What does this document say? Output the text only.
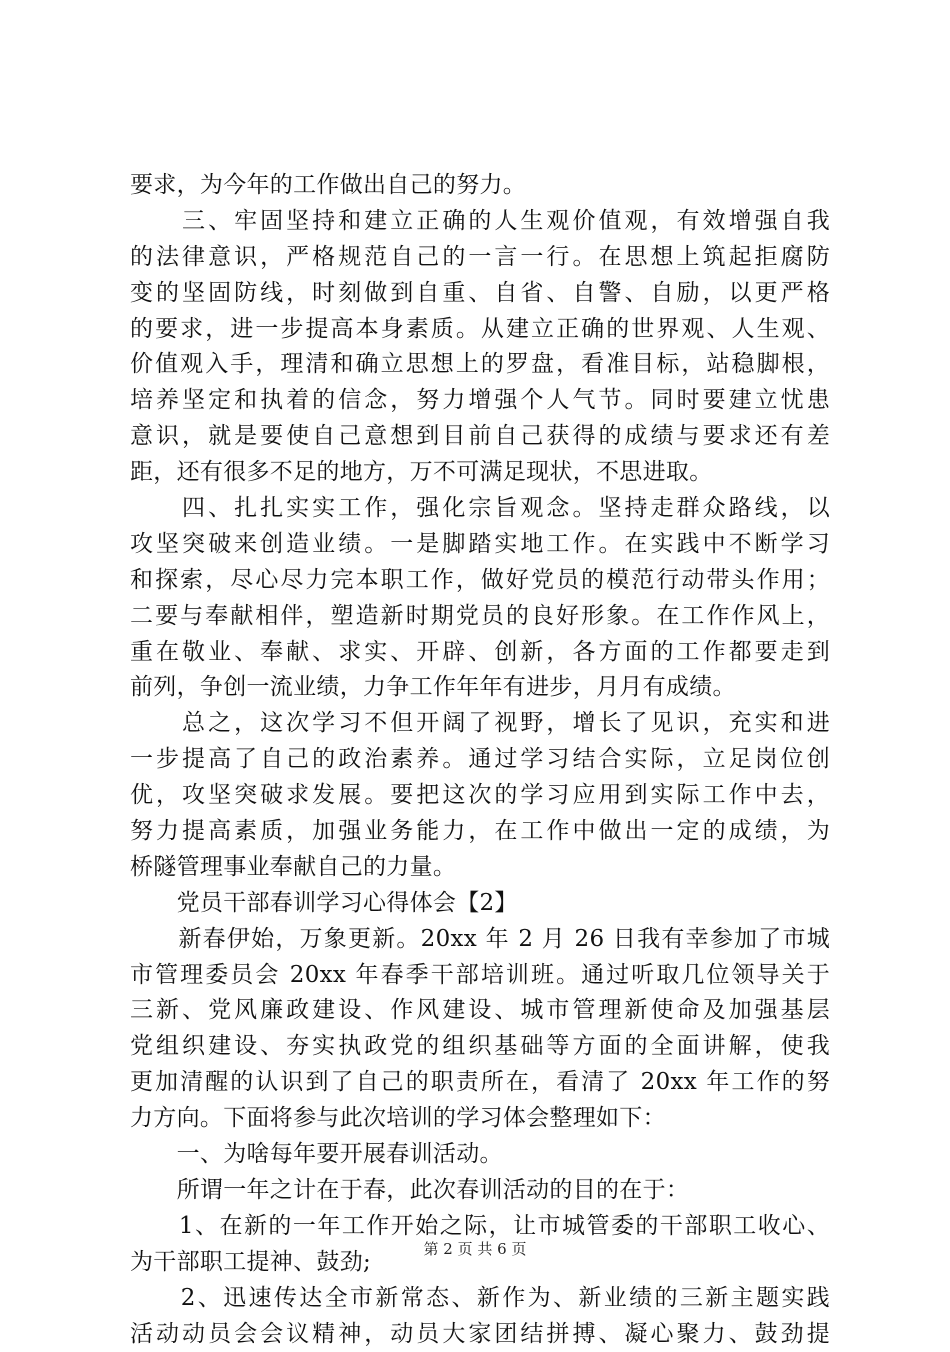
要求，为今年的工作做出自己的努力。
　　三、牢固坚持和建立正确的人生观价值观，有效增强自我
的法律意识，严格规范自己的一言一行。在思想上筑起拒腐防
变的坚固防线，时刻做到自重、自省、自警、自励，以更严格
的要求，进一步提高本身素质。从建立正确的世界观、人生观、
价值观入手，理清和确立思想上的罗盘，看准目标，站稳脚根，
培养坚定和执着的信念，努力增强个人气节。同时要建立忧患
意识，就是要使自己意想到目前自己获得的成绩与要求还有差
距，还有很多不足的地方，万不可满足现状，不思进取。
　　四、扎扎实实工作，强化宗旨观念。坚持走群众路线，以
攻坚突破来创造业绩。一是脚踏实地工作。在实践中不断学习
和探索，尽心尽力完本职工作，做好党员的模范行动带头作用；
二要与奉献相伴，塑造新时期党员的良好形象。在工作作风上，
重在敬业、奉献、求实、开辟、创新，各方面的工作都要走到
前列，争创一流业绩，力争工作年年有进步，月月有成绩。
　　总之，这次学习不但开阔了视野，增长了见识，充实和进
一步提高了自己的政治素养。通过学习结合实际，立足岗位创
优，攻坚突破求发展。要把这次的学习应用到实际工作中去，
努力提高素质，加强业务能力，在工作中做出一定的成绩，为
桥隧管理事业奉献自己的力量。
　　党员干部春训学习心得体会【2】
　　新春伊始，万象更新。20xx 年 2 月 26 日我有幸参加了市城
市管理委员会 20xx 年春季干部培训班。通过听取几位领导关于
三新、党风廉政建设、作风建设、城市管理新使命及加强基层
党组织建设、夯实执政党的组织基础等方面的全面讲解，使我
更加清醒的认识到了自己的职责所在，看清了 20xx 年工作的努
力方向。下面将参与此次培训的学习体会整理如下：
　　一、为啥每年要开展春训活动。
　　所谓一年之计在于春，此次春训活动的目的在于：
　　1、在新的一年工作开始之际，让市城管委的干部职工收心、
为干部职工提神、鼓劲;
　　2、迅速传达全市新常态、新作为、新业绩的三新主题实践
活动动员会会议精神，动员大家团结拼搏、凝心聚力、鼓劲提
第 2 页 共 6 页
